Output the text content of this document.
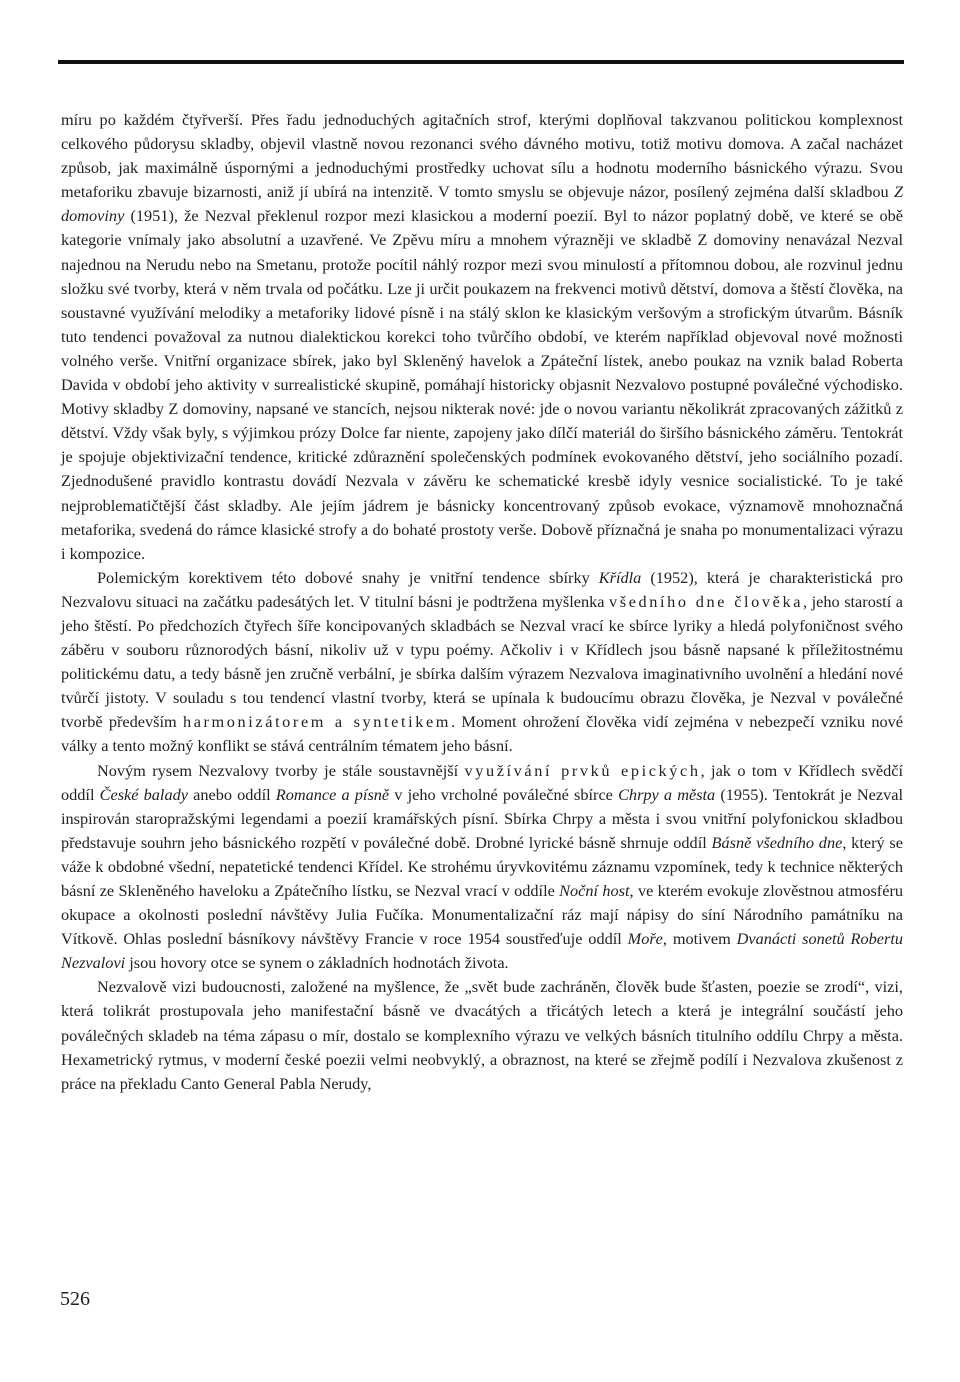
míru po každém čtyřverší. Přes řadu jednoduchých agitačních strof, kterými doplňoval takzvanou politickou komplexnost celkového půdorysu skladby, objevil vlastně novou rezonanci svého dávného motivu, totiž motivu domova. A začal nacházet způsob, jak maximálně úspornými a jednoduchými prostředky uchovat sílu a hodnotu moderního básnického výrazu. Svou metaforiku zbavuje bizarnosti, aniž jí ubírá na intenzitě. V tomto smyslu se objevuje názor, posílený zejména další skladbou Z domoviny (1951), že Nezval překlenul rozpor mezi klasickou a moderní poezií. Byl to názor poplatný době, ve které se obě kategorie vnímaly jako absolutní a uzavřené. Ve Zpěvu míru a mnohem výrazněji ve skladbě Z domoviny nenavázal Nezval najednou na Nerudu nebo na Smetanu, protože pocítil náhlý rozpor mezi svou minulostí a přítomnou dobou, ale rozvinul jednu složku své tvorby, která v něm trvala od počátku. Lze ji určit poukazem na frekvenci motivů dětství, domova a štěstí člověka, na soustavné využívání melodiky a metaforiky lidové písně i na stálý sklon ke klasickým veršovým a strofickým útvarům. Básník tuto tendenci považoval za nutnou dialektickou korekci toho tvůrčího období, ve kterém například objevoval nové možnosti volného verše. Vnitřní organizace sbírek, jako byl Skleněný havelok a Zpáteční lístek, anebo poukaz na vznik balad Roberta Davida v období jeho aktivity v surrealistické skupině, pomáhají historicky objasnit Nezvalovo postupné poválečné východisko. Motivy skladby Z domoviny, napsané ve stancích, nejsou nikterak nové: jde o novou variantu několikrát zpracovaných zážitků z dětství. Vždy však byly, s výjimkou prózy Dolce far niente, zapojeny jako dílčí materiál do širšího básnického záměru. Tentokrát je spojuje objektivizační tendence, kritické zdůraznění společenských podmínek evokovaného dětství, jeho sociálního pozadí. Zjednodušené pravidlo kontrastu dovádí Nezvala v závěru ke schematické kresbě idyly vesnice socialistické. To je také nejproblematičtější část skladby. Ale jejím jádrem je básnicky koncentrovaný způsob evokace, významově mnohoznačná metaforika, svedená do rámce klasické strofy a do bohaté prostoty verše. Dobově příznačná je snaha po monumentalizaci výrazu i kompozice.

Polemickým korektivem této dobové snahy je vnitřní tendence sbírky Křídla (1952), která je charakteristická pro Nezvalovu situaci na začátku padesátých let. V titulní básni je podtržena myšlenka všedního dne člověka, jeho starostí a jeho štěstí. Po předchozích čtyřech šíře koncipovaných skladbách se Nezval vrací ke sbírce lyriky a hledá polyfoničnost svého záběru v souboru různorodých básní, nikoliv už v typu poémy. Ačkoliv i v Křídlech jsou básně napsané k příležitostnému politickému datu, a tedy básně jen zručně verbální, je sbírka dalším výrazem Nezvalova imaginativního uvolnění a hledání nové tvůrčí jistoty. V souladu s tou tendencí vlastní tvorby, která se upínala k budoucímu obrazu člověka, je Nezval v poválečné tvorbě především harmonizátorem a syntetikem. Moment ohrožení člověka vidí zejména v nebezpečí vzniku nové války a tento možný konflikt se stává centrálním tématem jeho básní.

Novým rysem Nezvalovy tvorby je stále soustavnější využívání prvků epických, jak o tom v Křídlech svědčí oddíl České balady anebo oddíl Romance a písně v jeho vrcholné poválečné sbírce Chrpy a města (1955). Tentokrát je Nezval inspirován staropražskými legendami a poezií kramářských písní. Sbírka Chrpy a města i svou vnitřní polyfonickou skladbou představuje souhrn jeho básnického rozpětí v poválečné době. Drobné lyrické básně shrnuje oddíl Básně všedního dne, který se váže k obdobné všední, nepatetické tendenci Křídel. Ke strohému úryvkovitému záznamu vzpomínek, tedy k technice některých básní ze Skleněného haveloku a Zpátečního lístku, se Nezval vrací v oddíle Noční host, ve kterém evokuje zlověstnou atmosféru okupace a okolnosti poslední návštěvy Julia Fučíka. Monumentalizační ráz mají nápisy do síní Národního památníku na Vítkově. Ohlas poslední básníkovy návštěvy Francie v roce 1954 soustřeďuje oddíl Moře, motivem Dvanácti sonetů Robertu Nezvalovi jsou hovory otce se synem o základních hodnotách života.

Nezvalově vizi budoucnosti, založené na myšlence, že „svět bude zachráněn, člověk bude šťasten, poezie se zrodí“, vizi, která tolikrát prostupovala jeho manifestační básně ve dvacátých a třicátých letech a která je integrální součástí jeho poválečných skladeb na téma zápasu o mír, dostalo se komplexního výrazu ve velkých básních titulního oddílu Chrpy a města. Hexametrický rytmus, v moderní české poezii velmi neobvyklý, a obraznost, na které se zřejmě podílí i Nezvalova zkušenost z práce na překladu Canto General Pabla Nerudy,

526
